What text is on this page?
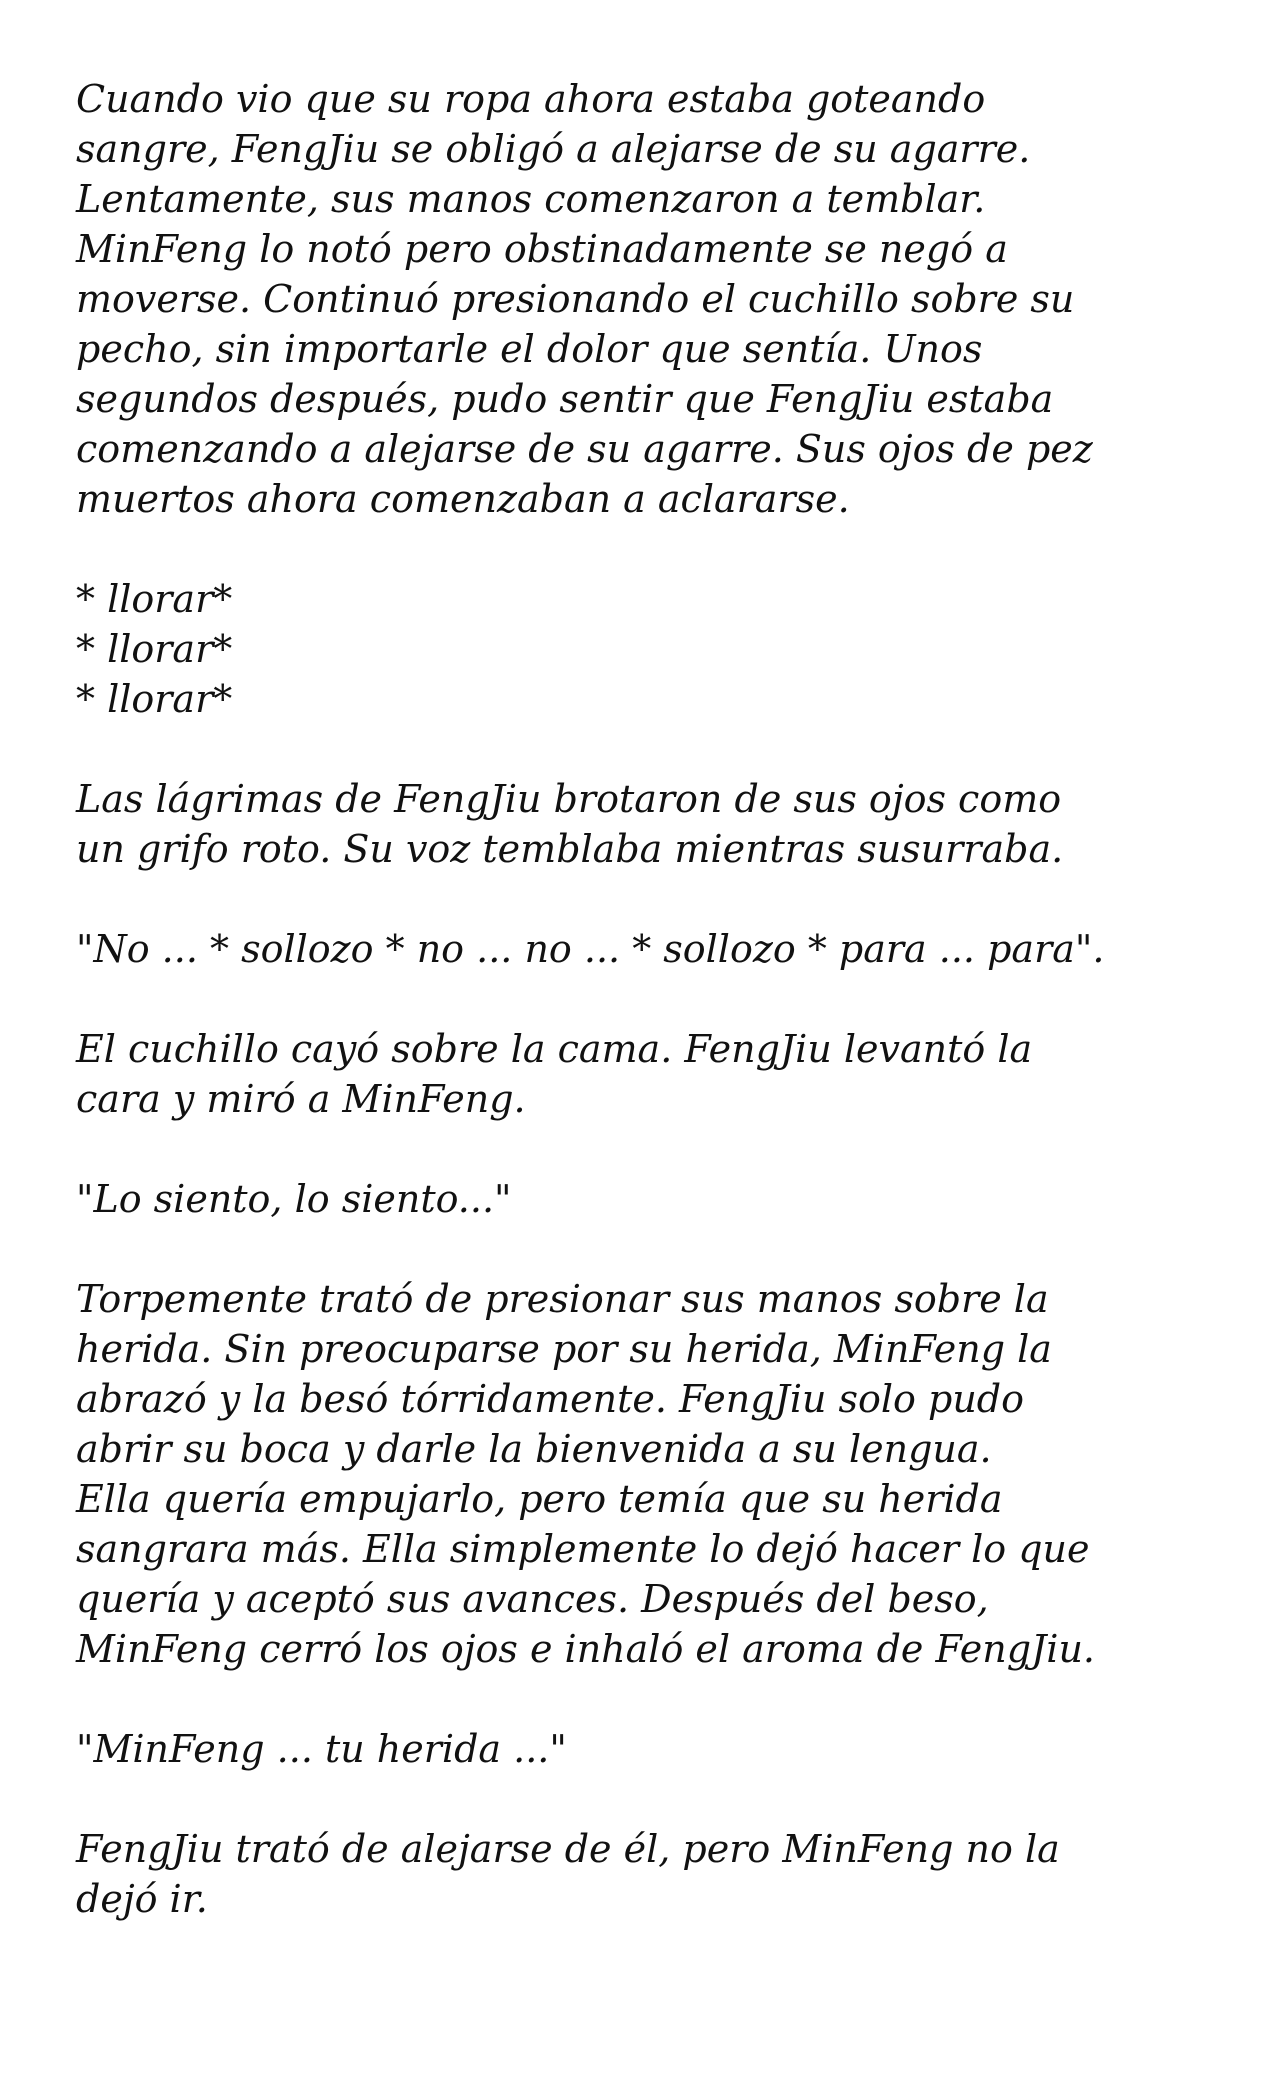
Cuando vio que su ropa ahora estaba goteando
sangre, FengJiu se obligó a alejarse de su agarre.
Lentamente, sus manos comenzaron a temblar.
MinFeng lo notó pero obstinadamente se negó a
moverse. Continuó presionando el cuchillo sobre su
pecho, sin importarle el dolor que sentía. Unos
segundos después, pudo sentir que FengJiu estaba
comenzando a alejarse de su agarre. Sus ojos de pez
muertos ahora comenzaban a aclararse.
* llorar*
* llorar*
* llorar*
Las lágrimas de FengJiu brotaron de sus ojos como
un grifo roto. Su voz temblaba mientras susurraba.
"No ... * sollozo * no ... no ... * sollozo * para ... para".
El cuchillo cayó sobre la cama. FengJiu levantó la
cara y miró a MinFeng.
"Lo siento, lo siento..."
Torpemente trató de presionar sus manos sobre la
herida. Sin preocuparse por su herida, MinFeng la
abrazó y la besó tórridamente. FengJiu solo pudo
abrir su boca y darle la bienvenida a su lengua.
Ella quería empujarlo, pero temía que su herida
sangrara más. Ella simplemente lo dejó hacer lo que
quería y aceptó sus avances. Después del beso,
MinFeng cerró los ojos e inhaló el aroma de FengJiu.
"MinFeng ... tu herida ..."
FengJiu trató de alejarse de él, pero MinFeng no la
dejó ir.
